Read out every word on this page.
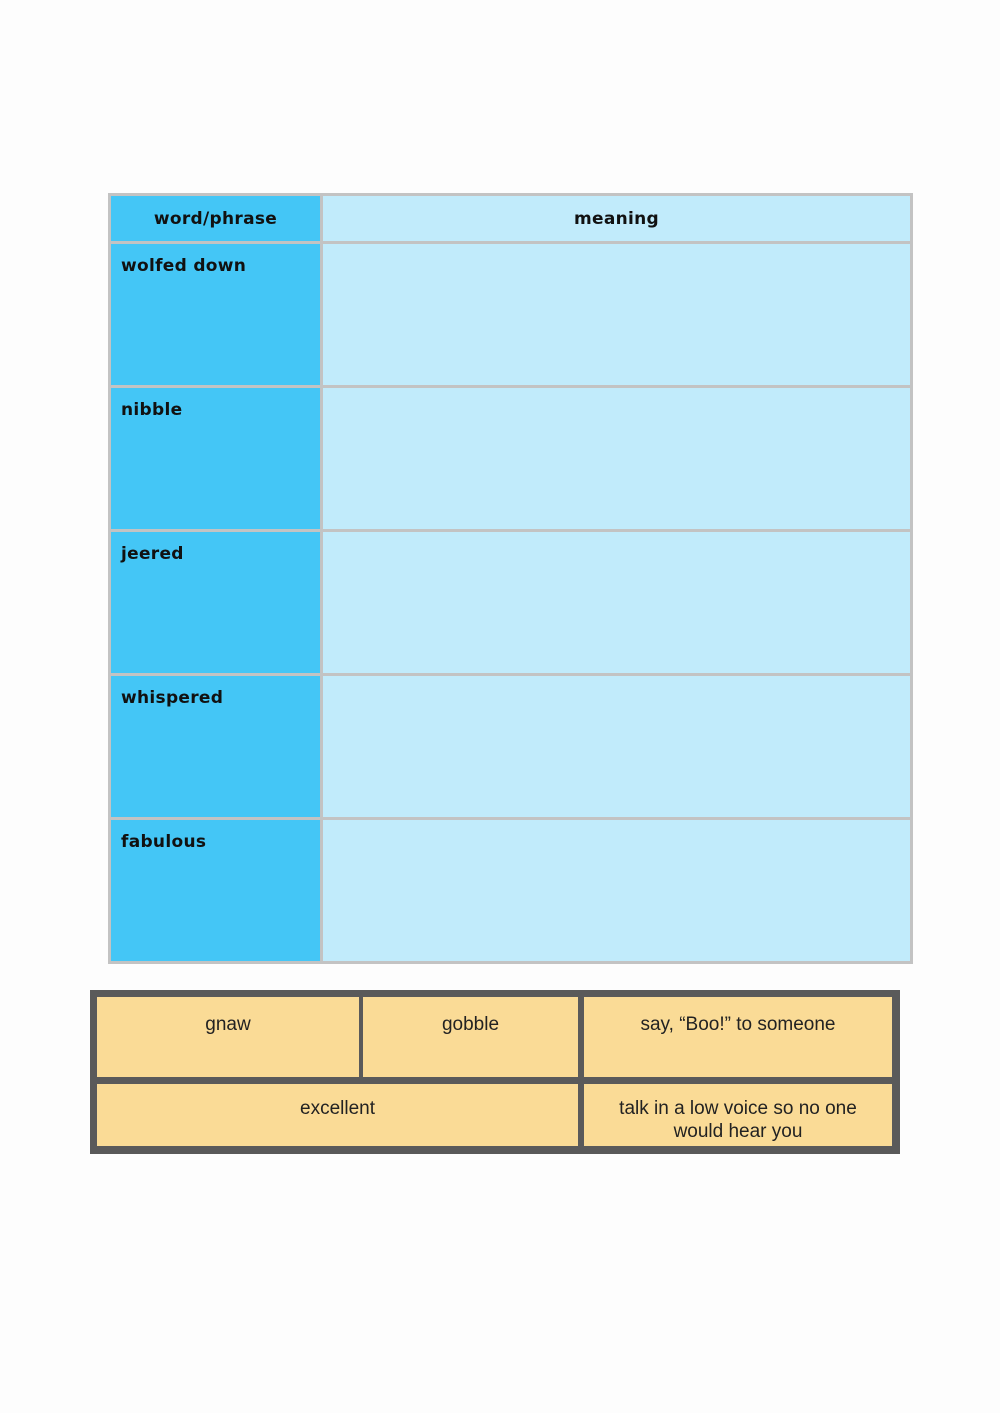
word/phrase	meaning

wolfed down	

nibble	

jeered	

whispered	

fabulous	

gnaw	gobble	say, “Boo!” to someone
excellent	talk in a low voice so no one would hear you
